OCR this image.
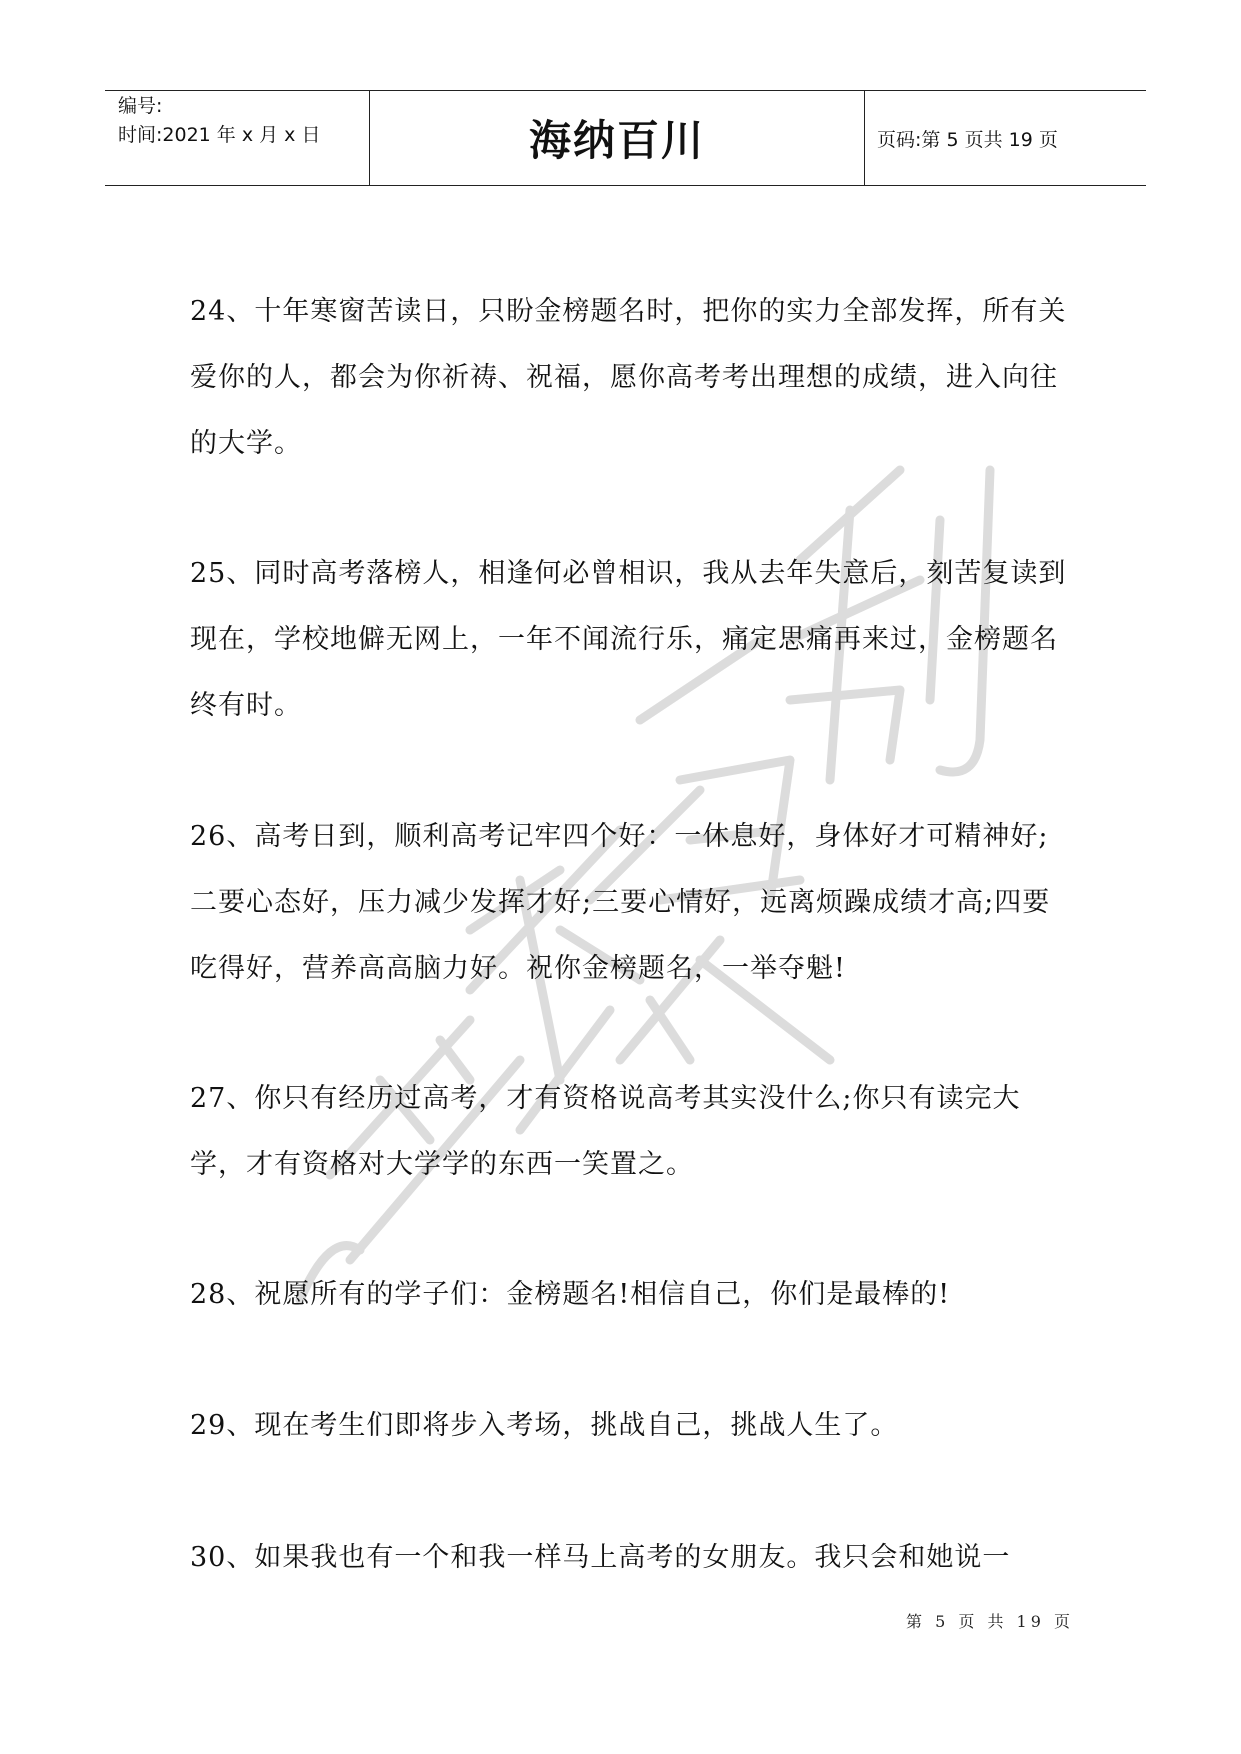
编号:
时间:2021 年 x 月 x 日	海纳百川	页码:第 5 页共 19 页
24、十年寒窗苦读日，只盼金榜题名时，把你的实力全部发挥，所有关爱你的人，都会为你祈祷、祝福，愿你高考考出理想的成绩，进入向往的大学。
25、同时高考落榜人，相逢何必曾相识，我从去年失意后，刻苦复读到现在，学校地僻无网上，一年不闻流行乐，痛定思痛再来过，金榜题名终有时。
26、高考日到，顺利高考记牢四个好：一休息好，身体好才可精神好;二要心态好，压力减少发挥才好;三要心情好，远离烦躁成绩才高;四要吃得好，营养高高脑力好。祝你金榜题名，一举夺魁!
27、你只有经历过高考，才有资格说高考其实没什么;你只有读完大学，才有资格对大学学的东西一笑置之。
28、祝愿所有的学子们：金榜题名!相信自己，你们是最棒的!
29、现在考生们即将步入考场，挑战自己，挑战人生了。
30、如果我也有一个和我一样马上高考的女朋友。我只会和她说一
第 5 页 共 19 页
